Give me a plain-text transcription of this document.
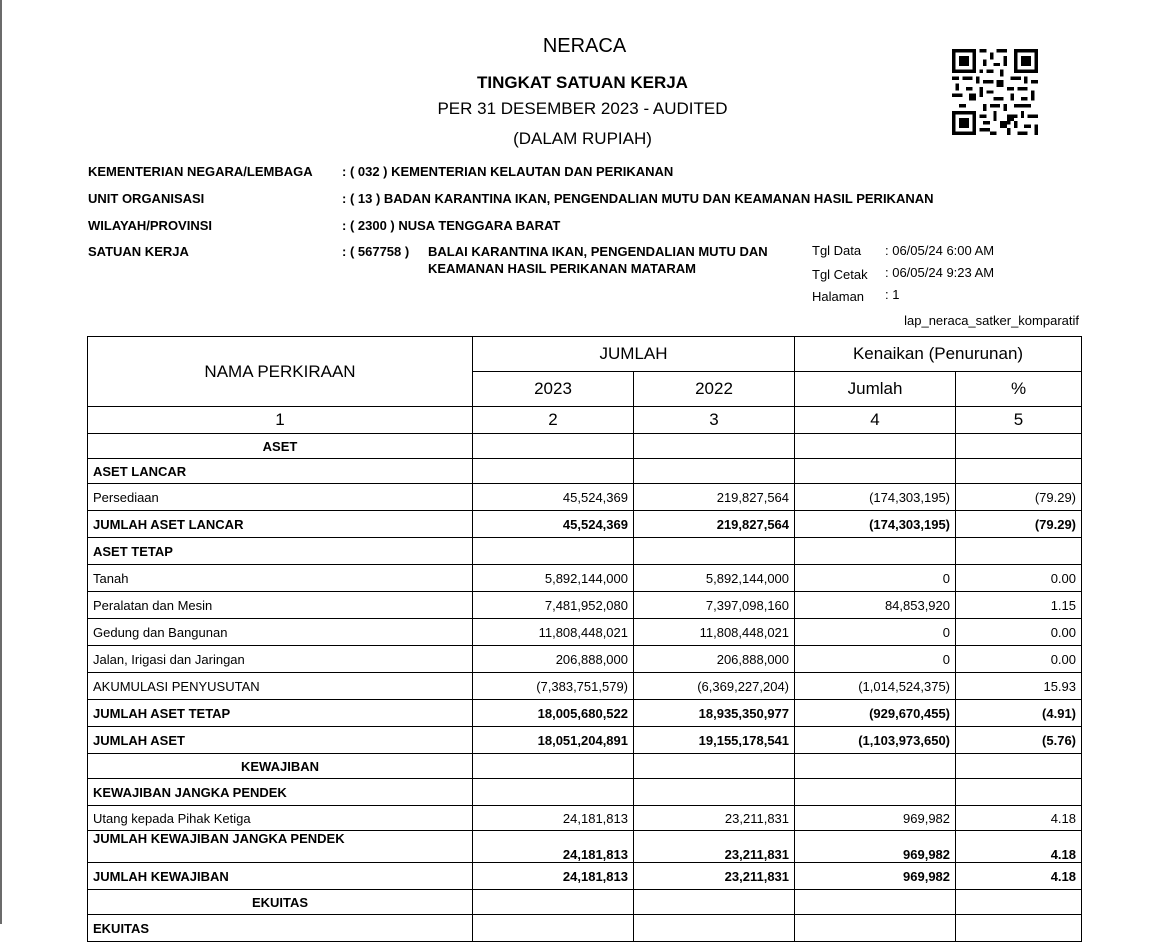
NERACA
TINGKAT SATUAN KERJA
PER 31 DESEMBER 2023 - AUDITED
(DALAM RUPIAH)
KEMENTERIAN NEGARA/LEMBAGA : ( 032 ) KEMENTERIAN KELAUTAN DAN PERIKANAN
UNIT ORGANISASI	: ( 13 ) BADAN KARANTINA IKAN, PENGENDALIAN MUTU DAN KEAMANAN HASIL PERIKANAN
WILAYAH/PROVINSI	: ( 2300 ) NUSA TENGGARA BARAT
SATUAN KERJA	: ( 567758 ) BALAI KARANTINA IKAN, PENGENDALIAN MUTU DAN
KEAMANAN HASIL PERIKANAN MATARAM
Tgl Data : 06/05/24 6:00 AM
Tgl Cetak : 06/05/24 9:23 AM
Halaman : 1
lap_neraca_satker_komparatif
NAMA PERKIRAAN	JUMLAH		Kenaikan (Penurunan)	
	2023	2022	Jumlah	%
1	2	3	4	5
ASET				
ASET LANCAR				
Persediaan	45,524,369	219,827,564	(174,303,195)	(79.29)
JUMLAH ASET LANCAR	45,524,369	219,827,564	(174,303,195)	(79.29)
ASET TETAP				
Tanah	5,892,144,000	5,892,144,000	0	0.00
Peralatan dan Mesin	7,481,952,080	7,397,098,160	84,853,920	1.15
Gedung dan Bangunan	11,808,448,021	11,808,448,021	0	0.00
Jalan, Irigasi dan Jaringan	206,888,000	206,888,000	0	0.00
AKUMULASI PENYUSUTAN	(7,383,751,579)	(6,369,227,204)	(1,014,524,375)	15.93
JUMLAH ASET TETAP	18,005,680,522	18,935,350,977	(929,670,455)	(4.91)
JUMLAH ASET	18,051,204,891	19,155,178,541	(1,103,973,650)	(5.76)
KEWAJIBAN				
KEWAJIBAN JANGKA PENDEK				
Utang kepada Pihak Ketiga	24,181,813	23,211,831	969,982	4.18
JUMLAH KEWAJIBAN JANGKA PENDEK	24,181,813	23,211,831	969,982	4.18
JUMLAH KEWAJIBAN	24,181,813	23,211,831	969,982	4.18
EKUITAS				
EKUITAS				
